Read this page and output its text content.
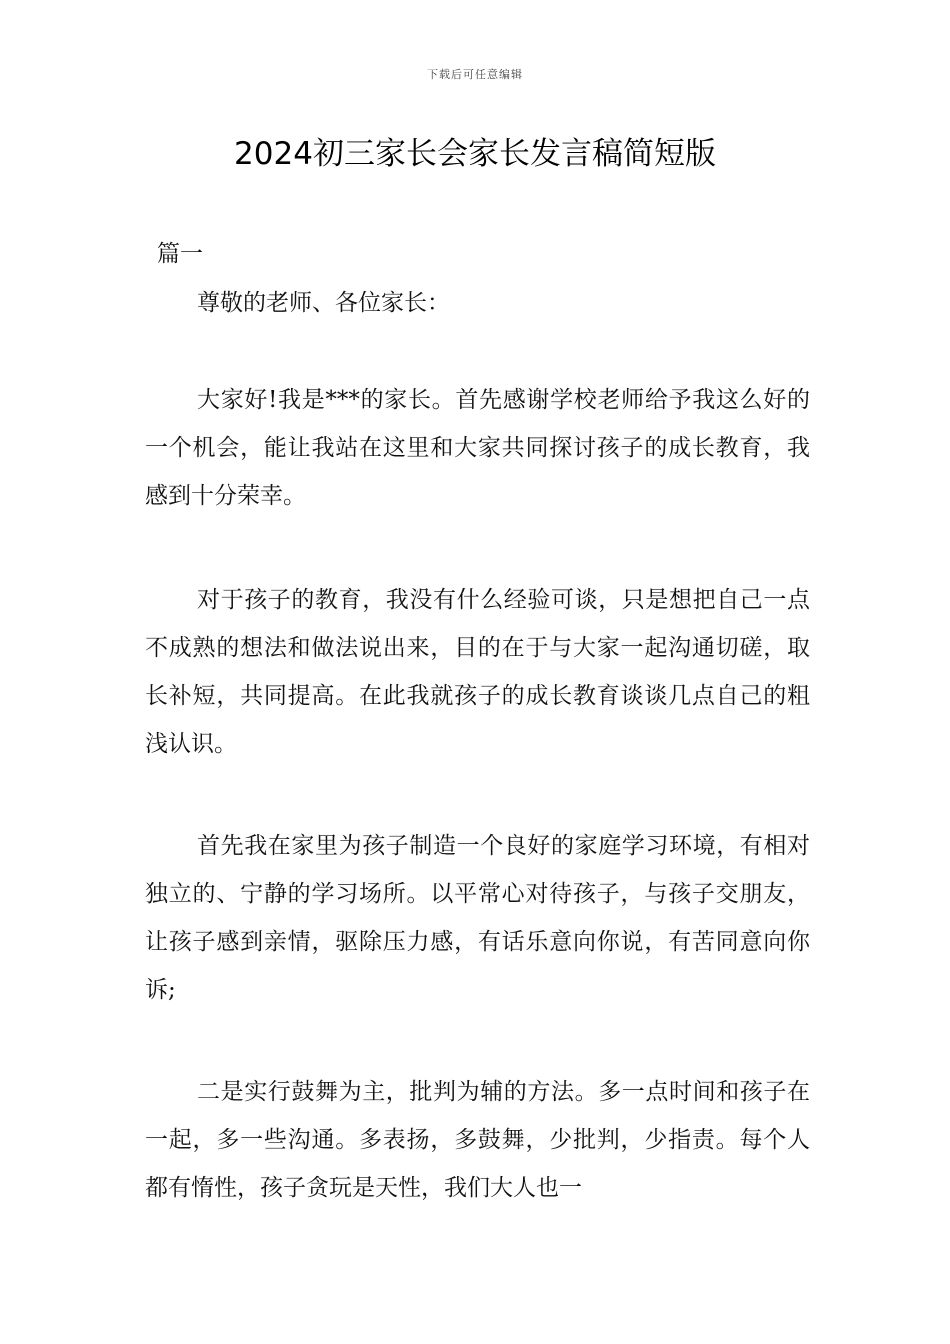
下载后可任意编辑
2024初三家长会家长发言稿简短版

篇一

尊敬的老师、各位家长：

大家好!我是***的家长。首先感谢学校老师给予我这么好的一个机会，能让我站在这里和大家共同探讨孩子的成长教育，我感到十分荣幸。

对于孩子的教育，我没有什么经验可谈，只是想把自己一点不成熟的想法和做法说出来，目的在于与大家一起沟通切磋，取长补短，共同提高。在此我就孩子的成长教育谈谈几点自己的粗浅认识。

首先我在家里为孩子制造一个良好的家庭学习环境，有相对独立的、宁静的学习场所。以平常心对待孩子，与孩子交朋友，让孩子感到亲情，驱除压力感，有话乐意向你说，有苦同意向你诉;

二是实行鼓舞为主，批判为辅的方法。多一点时间和孩子在一起，多一些沟通。多表扬，多鼓舞，少批判，少指责。每个人都有惰性，孩子贪玩是天性，我们大人也一
